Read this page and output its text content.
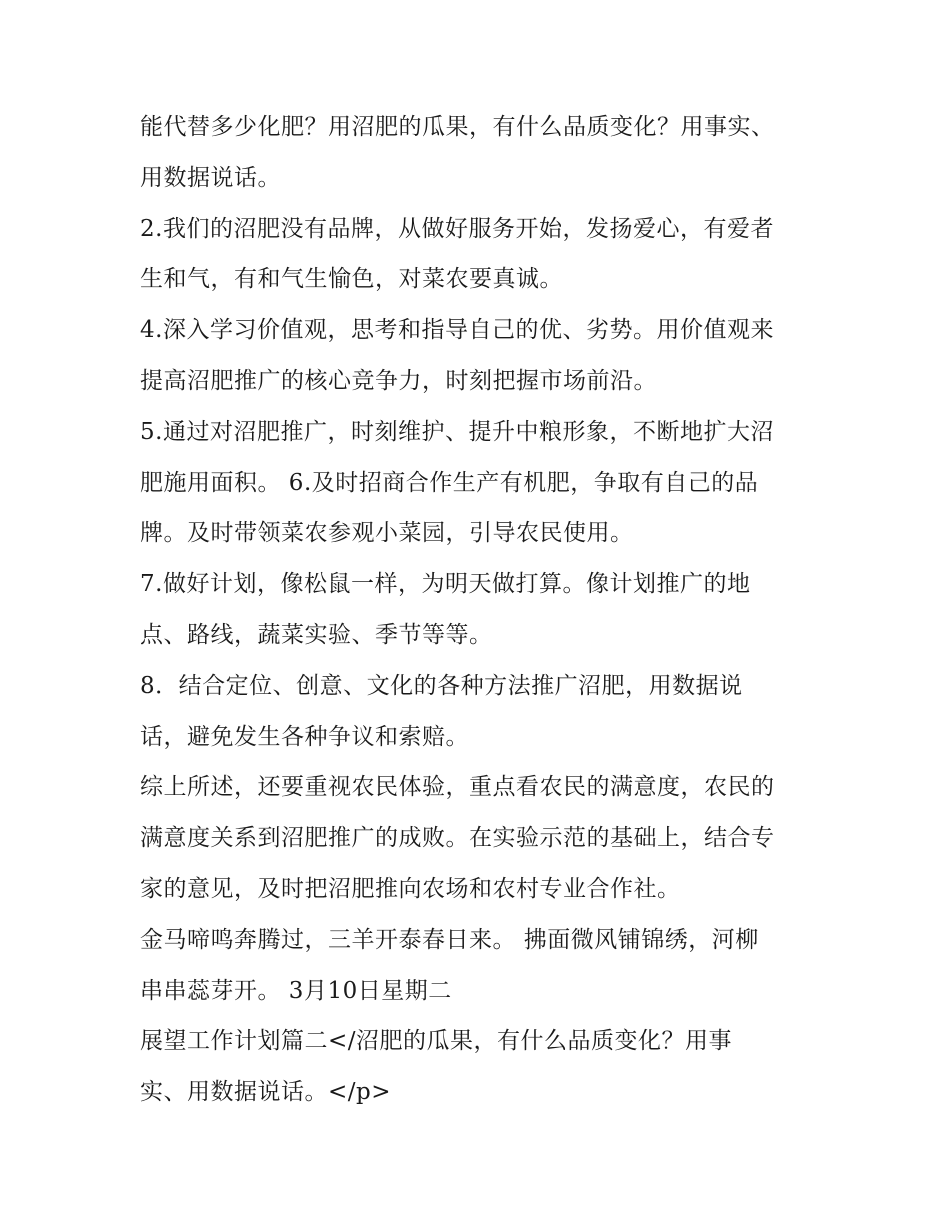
能代替多少化肥？用沼肥的瓜果，有什么品质变化？用事实、
用数据说话。
2.我们的沼肥没有品牌，从做好服务开始，发扬爱心，有爱者
生和气，有和气生愉色，对菜农要真诚。
4.深入学习价值观，思考和指导自己的优、劣势。用价值观来
提高沼肥推广的核心竞争力，时刻把握市场前沿。
5.通过对沼肥推广，时刻维护、提升中粮形象，不断地扩大沼
肥施用面积。 6.及时招商合作生产有机肥，争取有自己的品
牌。及时带领菜农参观小菜园，引导农民使用。
7.做好计划，像松鼠一样，为明天做打算。像计划推广的地
点、路线，蔬菜实验、季节等等。
8．结合定位、创意、文化的各种方法推广沼肥，用数据说
话，避免发生各种争议和索赔。
综上所述，还要重视农民体验，重点看农民的满意度，农民的
满意度关系到沼肥推广的成败。在实验示范的基础上，结合专
家的意见，及时把沼肥推向农场和农村专业合作社。
金马啼鸣奔腾过，三羊开泰春日来。 拂面微风铺锦绣，河柳
串串蕊芽开。 3月10日星期二
展望工作计划篇二</沼肥的瓜果，有什么品质变化？用事
实、用数据说话。</p>
